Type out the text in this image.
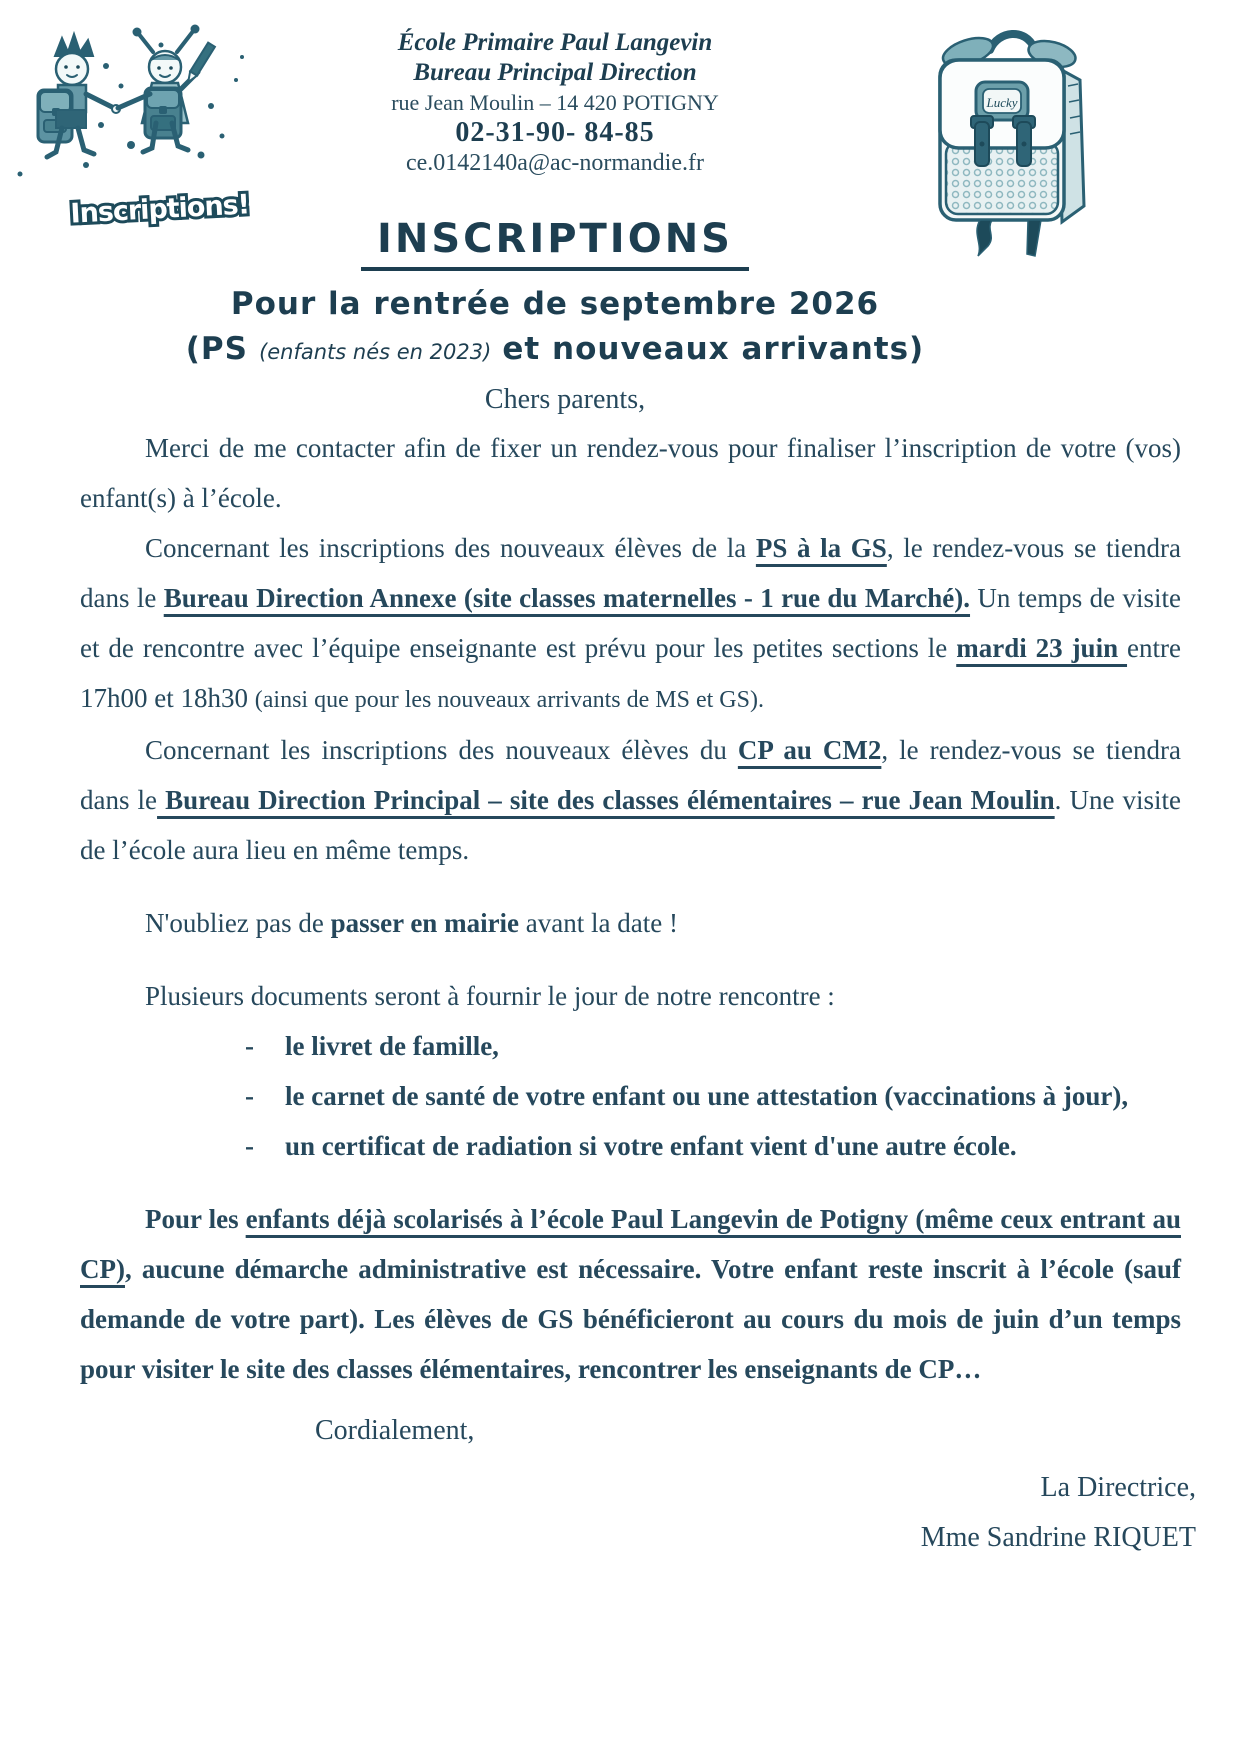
Inscriptions!
École Primaire Paul Langevin
Bureau Principal Direction
rue Jean Moulin – 14 420 POTIGNY
02-31-90- 84-85
ce.0142140a@ac-normandie.fr
Lucky
INSCRIPTIONS
Pour la rentrée de septembre 2026
(PS (enfants nés en 2023) et nouveaux arrivants)
Chers parents,

Merci de me contacter afin de fixer un rendez-vous pour finaliser l’inscription de votre (vos) enfant(s) à l’école.

Concernant les inscriptions des nouveaux élèves de la PS à la GS, le rendez-vous se tiendra dans le Bureau Direction Annexe (site classes maternelles - 1 rue du Marché). Un temps de visite et de rencontre avec l’équipe enseignante est prévu pour les petites sections le mardi 23 juin entre 17h00 et 18h30 (ainsi que pour les nouveaux arrivants de MS et GS).

Concernant les inscriptions des nouveaux élèves du CP au CM2, le rendez-vous se tiendra dans le Bureau Direction Principal – site des classes élémentaires – rue Jean Moulin. Une visite de l’école aura lieu en même temps.

N'oubliez pas de passer en mairie avant la date !

Plusieurs documents seront à fournir le jour de notre rencontre :

-	le livret de famille,

-	le carnet de santé de votre enfant ou une attestation (vaccinations à jour),

-	un certificat de radiation si votre enfant vient d'une autre école.

Pour les enfants déjà scolarisés à l’école Paul Langevin de Potigny (même ceux entrant au CP), aucune démarche administrative est nécessaire. Votre enfant reste inscrit à l’école (sauf demande de votre part). Les élèves de GS bénéficieront au cours du mois de juin d’un temps pour visiter le site des classes élémentaires, rencontrer les enseignants de CP…

Cordialement,
La Directrice,
Mme Sandrine RIQUET
